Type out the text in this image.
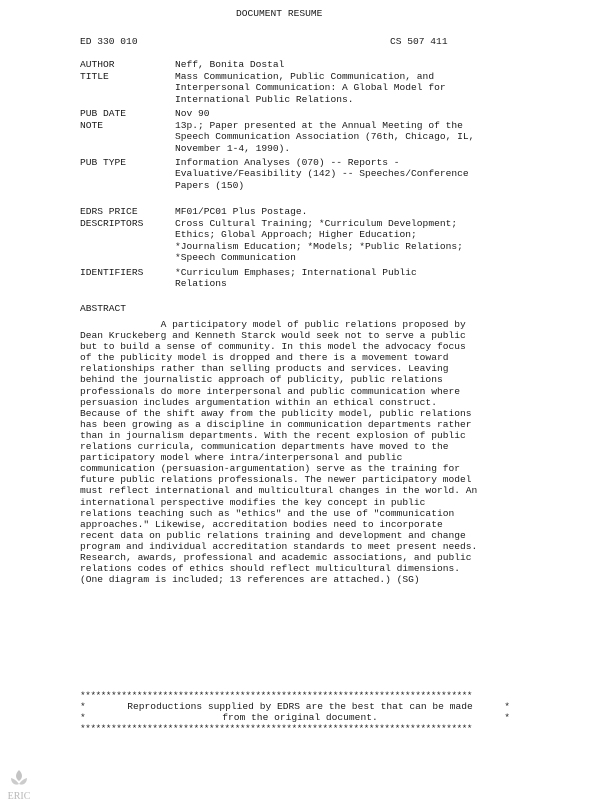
DOCUMENT RESUME
ED 330 010	CS 507 411
AUTHOR	Neff, Bonita Dostal
TITLE	Mass Communication, Public Communication, and
Interpersonal Communication: A Global Model for
International Public Relations.
PUB DATE	Nov 90
NOTE	13p.; Paper presented at the Annual Meeting of the
Speech Communication Association (76th, Chicago, IL,
November 1-4, 1990).
PUB TYPE	Information Analyses (070) -- Reports -
Evaluative/Feasibility (142) -- Speeches/Conference
Papers (150)
EDRS PRICE	MF01/PC01 Plus Postage.
DESCRIPTORS	Cross Cultural Training; *Curriculum Development;
Ethics; Global Approach; Higher Education;
*Journalism Education; *Models; *Public Relations;
*Speech Communication
IDENTIFIERS	*Curriculum Emphases; International Public
Relations
ABSTRACT
A participatory model of public relations proposed by
Dean Kruckeberg and Kenneth Starck would seek not to serve a public
but to build a sense of community. In this model the advocacy focus
of the publicity model is dropped and there is a movement toward
relationships rather than selling products and services. Leaving
behind the journalistic approach of publicity, public relations
professionals do more interpersonal and public communication where
persuasion includes argumentation within an ethical construct.
Because of the shift away from the publicity model, public relations
has been growing as a discipline in communication departments rather
than in journalism departments. With the recent explosion of public
relations curricula, communication departments have moved to the
participatory model where intra/interpersonal and public
communication (persuasion-argumentation) serve as the training for
future public relations professionals. The newer participatory model
must reflect international and multicultural changes in the world. An
international perspective modifies the key concept in public
relations teaching such as "ethics" and the use of "communication
approaches." Likewise, accreditation bodies need to incorporate
recent data on public relations training and development and change
program and individual accreditation standards to meet present needs.
Research, awards, professional and academic associations, and public
relations codes of ethics should reflect multicultural dimensions.
(One diagram is included; 13 references are attached.) (SG)
****************************************************************************
*	Reproductions supplied by EDRS are the best that can be made	*
*	from the original document.	*
****************************************************************************
ERIC
